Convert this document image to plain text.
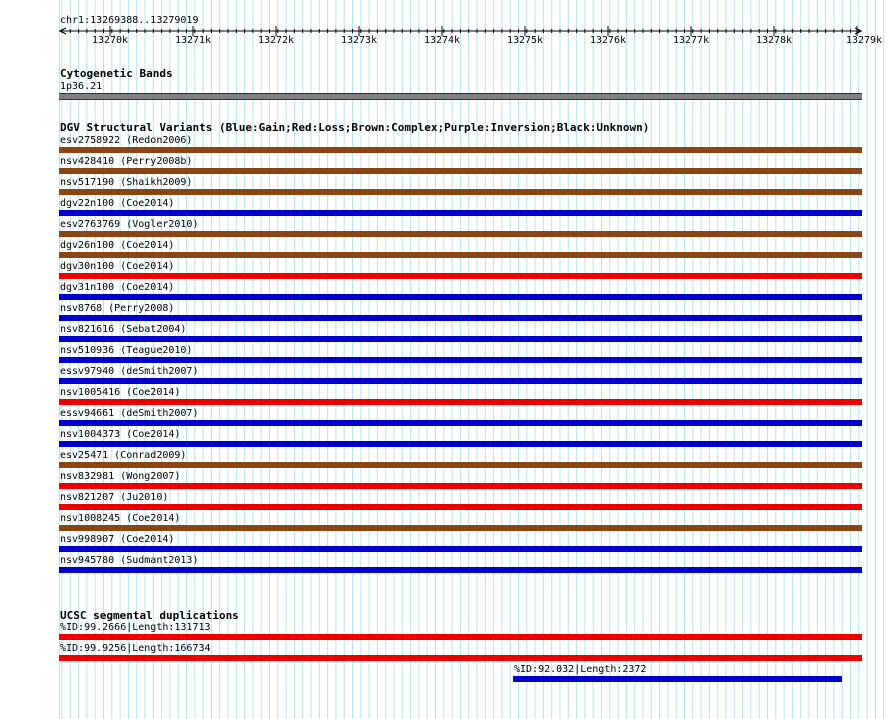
chr1:13269388..13279019
13270k	13271k	13272k	13273k	13274k	13275k	13276k	13277k	13278k	13279k
Cytogenetic Bands
1p36.21
DGV Structural Variants (Blue:Gain;Red:Loss;Brown:Complex;Purple:Inversion;Black:Unknown)
esv2758922 (Redon2006)
nsv428410 (Perry2008b)
nsv517190 (Shaikh2009)
dgv22n100 (Coe2014)
esv2763769 (Vogler2010)
dgv26n100 (Coe2014)
dgv30n100 (Coe2014)
dgv31n100 (Coe2014)
nsv8768 (Perry2008)
nsv821616 (Sebat2004)
nsv510936 (Teague2010)
essv97940 (deSmith2007)
nsv1005416 (Coe2014)
essv94661 (deSmith2007)
nsv1004373 (Coe2014)
esv25471 (Conrad2009)
nsv832981 (Wong2007)
nsv821207 (Ju2010)
nsv1008245 (Coe2014)
nsv998907 (Coe2014)
nsv945780 (Sudmant2013)
UCSC segmental duplications
%ID:99.2666|Length:131713
%ID:99.9256|Length:166734
%ID:92.032|Length:2372
